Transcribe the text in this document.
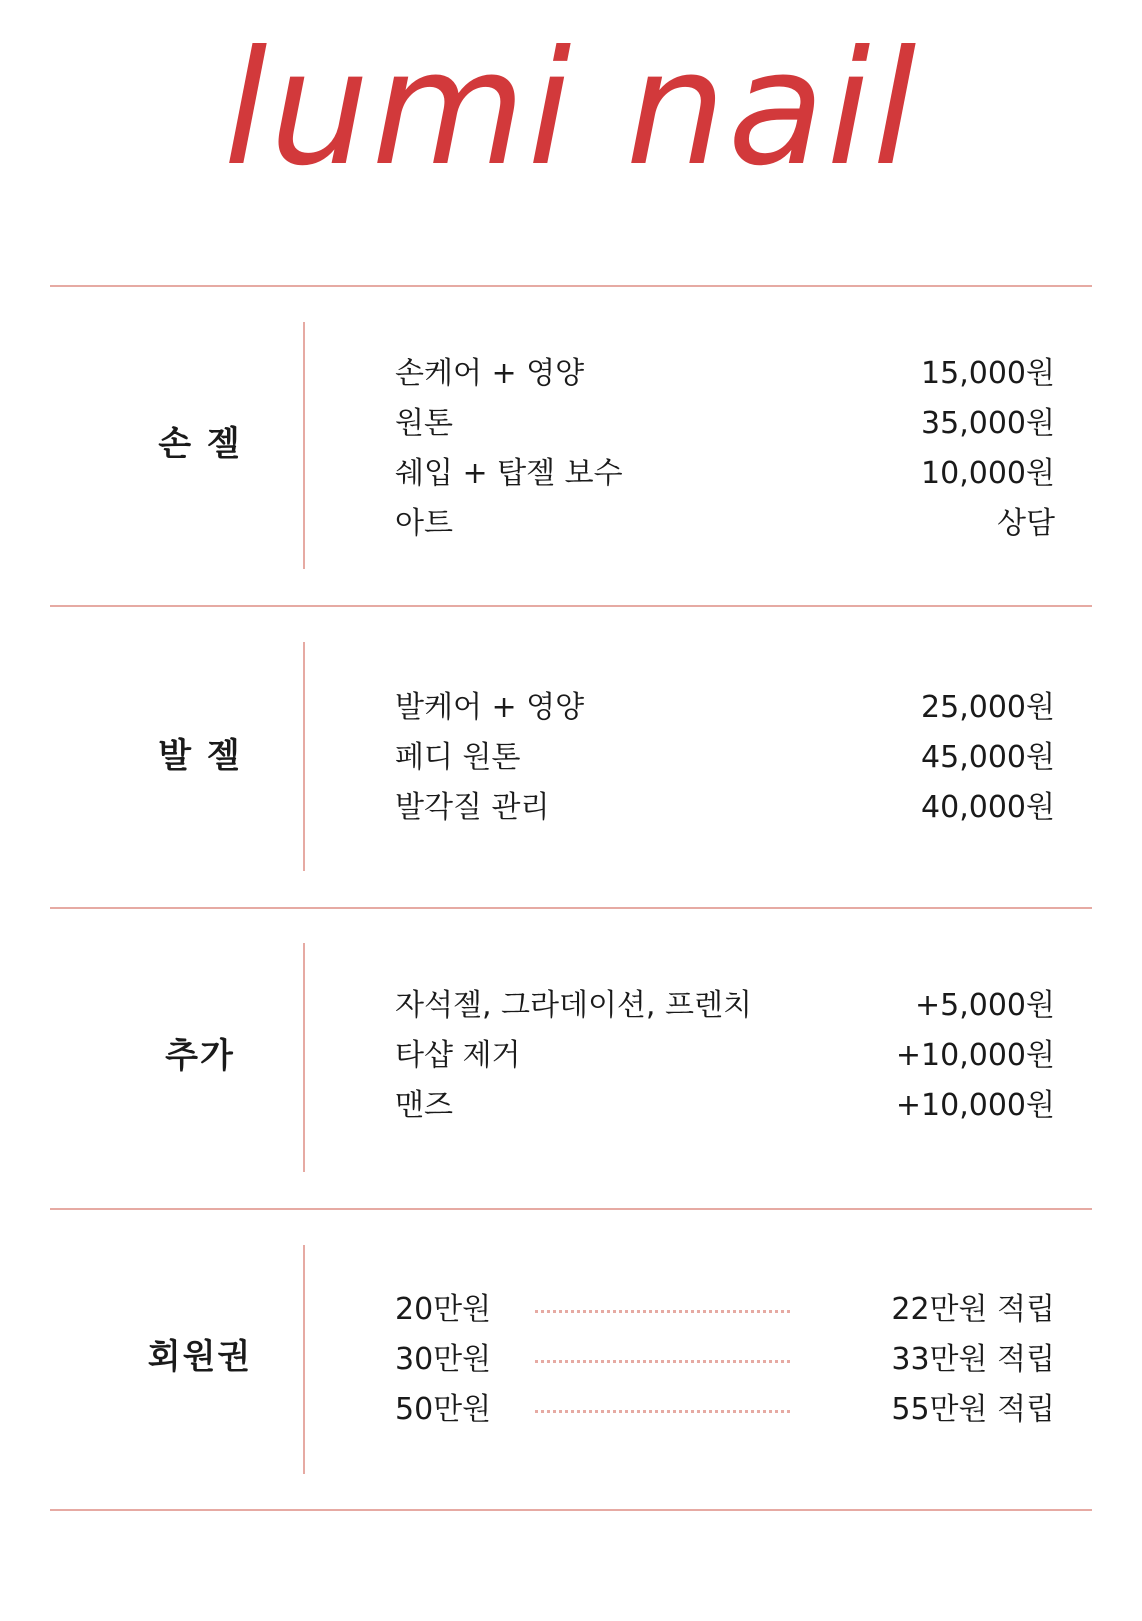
lumi nail
손 젤
손케어 + 영양	15,000원
원톤	35,000원
쉐입 + 탑젤 보수	10,000원
아트	상담
발 젤
발케어 + 영양	25,000원
페디 원톤	45,000원
발각질 관리	40,000원
추가
자석젤, 그라데이션, 프렌치	+5,000원
타샵 제거	+10,000원
맨즈	+10,000원
회원권
20만원	22만원 적립
30만원	33만원 적립
50만원	55만원 적립
